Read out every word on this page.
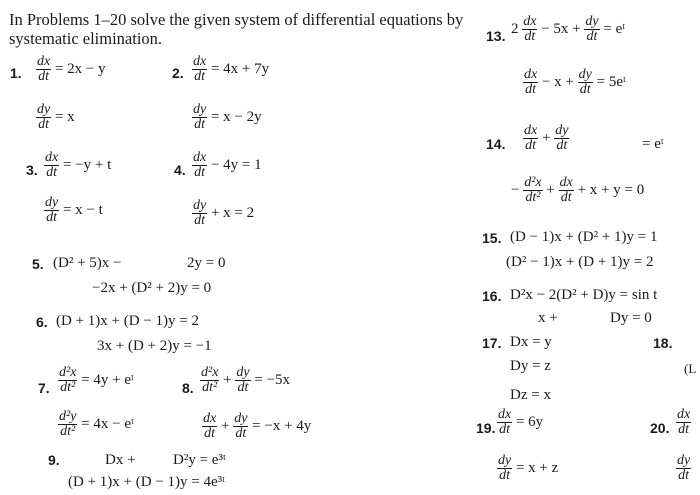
In Problems 1–20 solve the given system of differential equations by
systematic elimination.
1. $\frac{dx}{dt} = 2x - y$
$\frac{dy}{dt} = x$
2. $\frac{dx}{dt} = 4x + 7y$
$\frac{dy}{dt} = x - 2y$
3. $\frac{dx}{dt} = -y + t$
$\frac{dy}{dt} = x - t$
4. $\frac{dx}{dt} - 4y = 1$
$\frac{dy}{dt} + x = 2$
5. (D² + 5)x −	2y = 0
−2x + (D² + 2)y = 0
6. (D + 1)x + (D − 1)y = 2
3x + (D + 2)y = −1
7. $\frac{\text{d²x}}{\text{dt²}} = 4y$ + eᵗ
$\frac{\text{d²y}}{\text{dt²}} = 4x$ − eᵗ
8. $\frac{\text{d²x}}{\text{dt²}} + \frac{dy}{dt} = -5x$
$\frac{dx}{dt} + \frac{dy}{dt} = -x + 4y$
9.	Dx + D²y = e³ᵗ
(D + 1)x + (D − 1)y = 4e³ᵗ
13. $2 \frac{dx}{dt} - 5x + \frac{dy}{dt}$ = eᵗ
$\frac{dx}{dt} - x + \frac{dy}{dt}$ = 5eᵗ
14. $\frac{dx}{dt} + \frac{dy}{dt}$	= eᵗ
− $\frac{\text{d²x}}{\text{dt²}} + \frac{dx}{dt} + x + y = 0$
15. (D − 1)x + (D² + 1)y = 1
(D² − 1)x + (D + 1)y = 2
16. D²x − 2(D² + D)y = sin t
x +	Dy = 0
17. Dx = y
Dy = z
Dz = x
18.
(L
19. $\frac{dx}{dt} = 6y$
$\frac{dy}{dt} = x + z$
20. $\frac{dx}{dt}$
$\frac{dy}{dt}$
